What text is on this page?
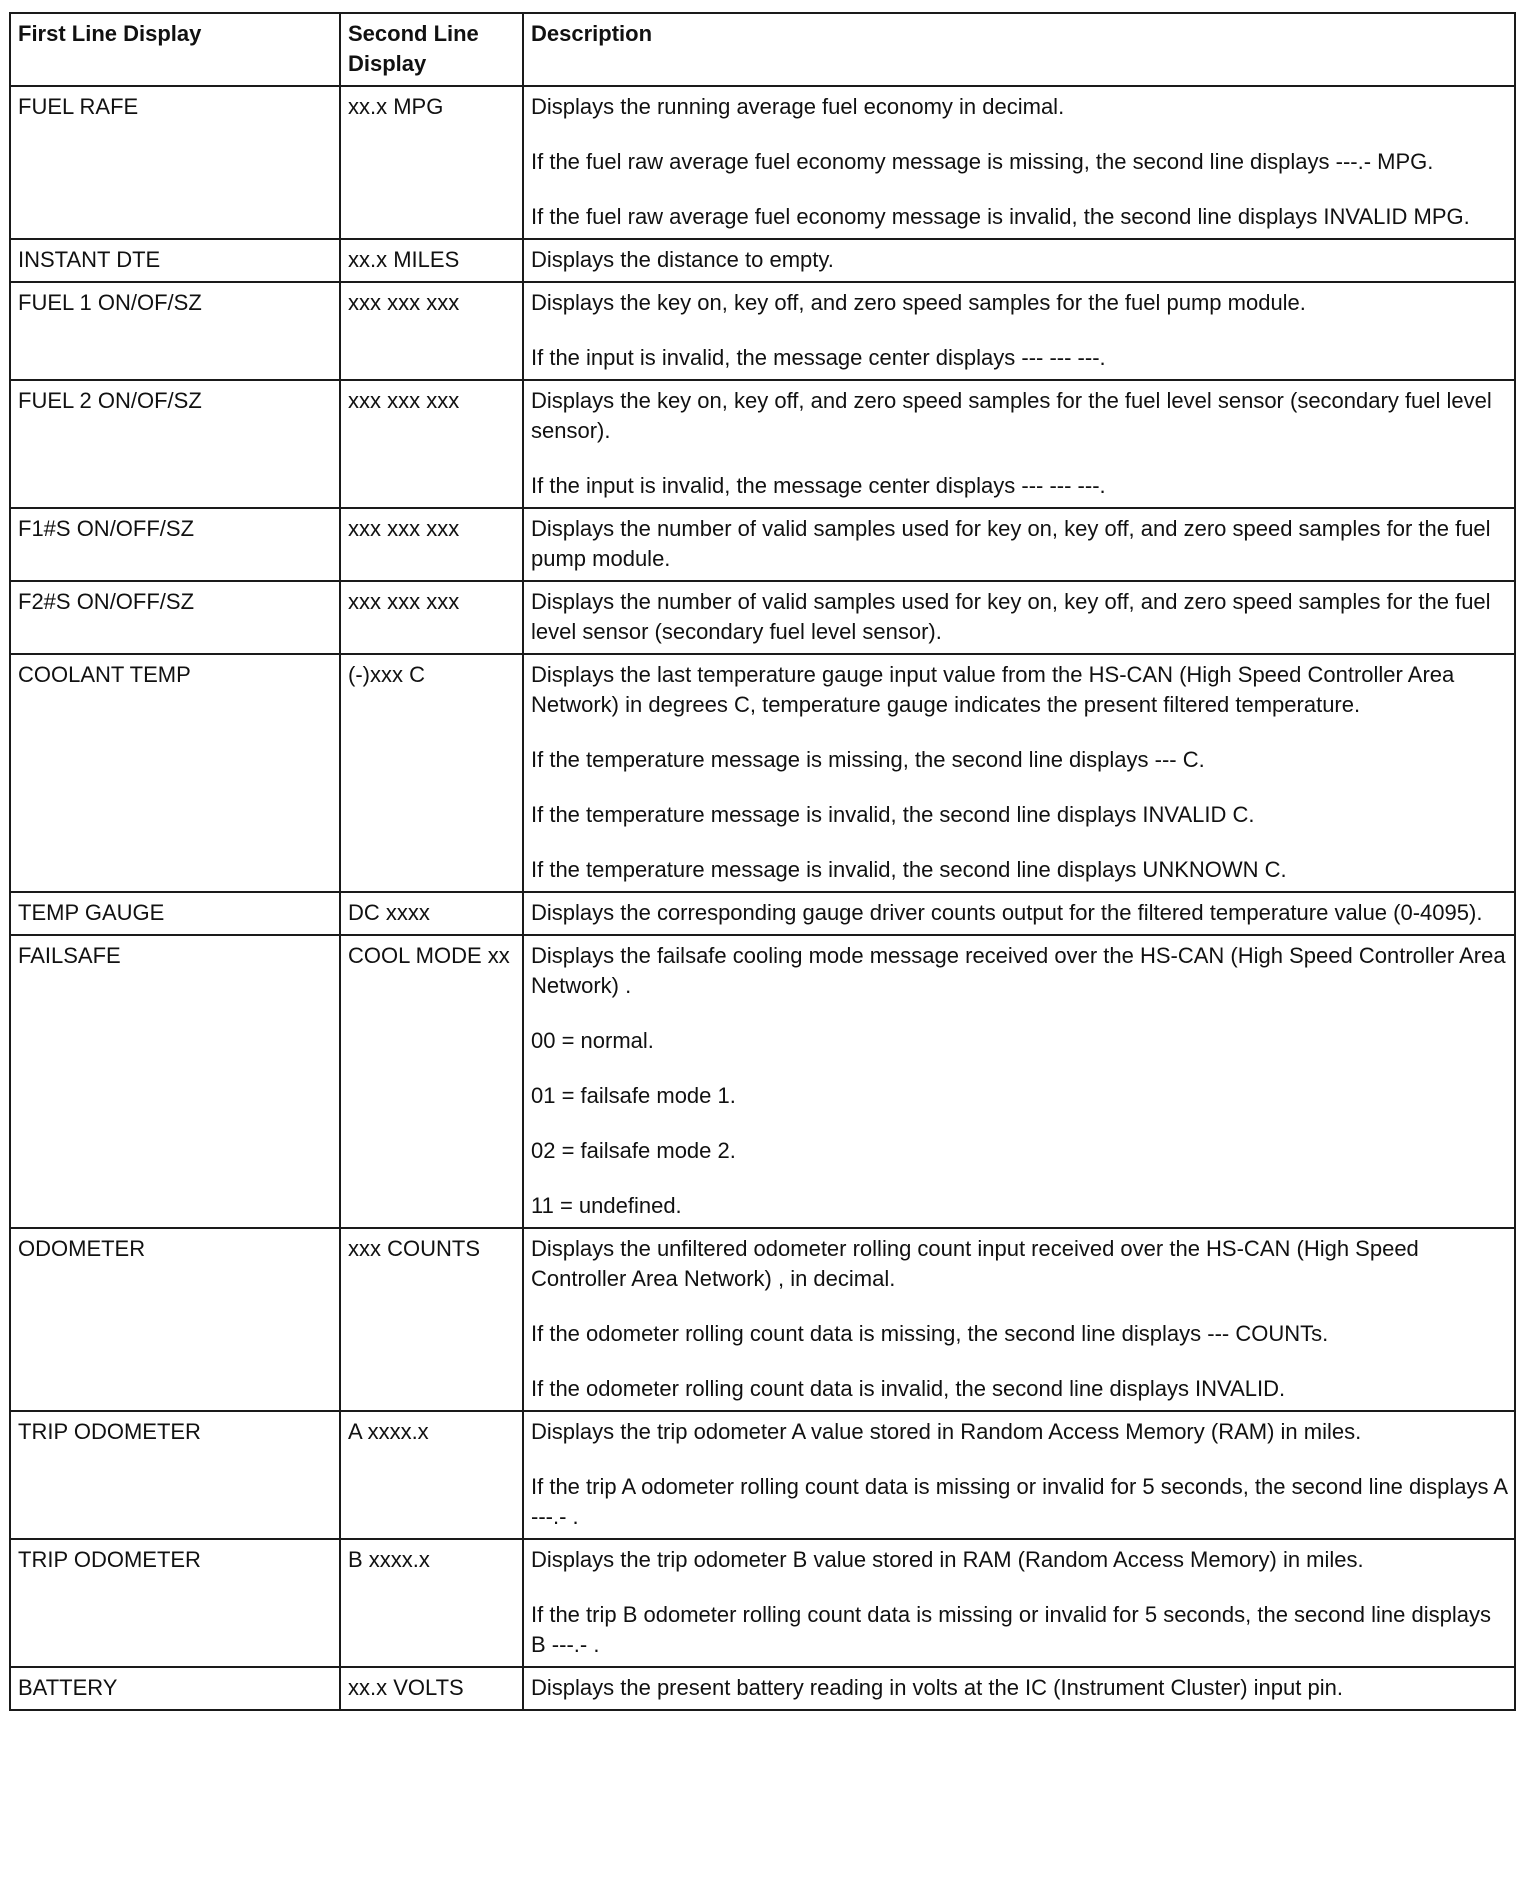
First Line Display	Second Line Display	Description
FUEL RAFE	xx.x MPG	Displays the running average fuel economy in decimal.

If the fuel raw average fuel economy message is missing, the second line displays ---.- MPG.

If the fuel raw average fuel economy message is invalid, the second line displays INVALID MPG.

INSTANT DTE	xx.x MILES	Displays the distance to empty.

FUEL 1 ON/OF/SZ	xxx xxx xxx	Displays the key on, key off, and zero speed samples for the fuel pump module.

If the input is invalid, the message center displays --- --- ---.

FUEL 2 ON/OF/SZ	xxx xxx xxx	Displays the key on, key off, and zero speed samples for the fuel level sensor (secondary fuel level sensor).

If the input is invalid, the message center displays --- --- ---.

F1#S ON/OFF/SZ	xxx xxx xxx	Displays the number of valid samples used for key on, key off, and zero speed samples for the fuel pump module.

F2#S ON/OFF/SZ	xxx xxx xxx	Displays the number of valid samples used for key on, key off, and zero speed samples for the fuel level sensor (secondary fuel level sensor).

COOLANT TEMP	(-)xxx C	Displays the last temperature gauge input value from the HS-CAN (High Speed Controller Area Network) in degrees C, temperature gauge indicates the present filtered temperature.

If the temperature message is missing, the second line displays --- C.

If the temperature message is invalid, the second line displays INVALID C.

If the temperature message is invalid, the second line displays UNKNOWN C.

TEMP GAUGE	DC xxxx	Displays the corresponding gauge driver counts output for the filtered temperature value (0-4095).

FAILSAFE	COOL MODE xx	Displays the failsafe cooling mode message received over the HS-CAN (High Speed Controller Area Network) .

00 = normal.

01 = failsafe mode 1.

02 = failsafe mode 2.

11 = undefined.

ODOMETER	xxx COUNTS	Displays the unfiltered odometer rolling count input received over the HS-CAN (High Speed Controller Area Network) , in decimal.

If the odometer rolling count data is missing, the second line displays --- COUNTs.

If the odometer rolling count data is invalid, the second line displays INVALID.

TRIP ODOMETER	A xxxx.x	Displays the trip odometer A value stored in Random Access Memory (RAM) in miles.

If the trip A odometer rolling count data is missing or invalid for 5 seconds, the second line displays A ---.- .

TRIP ODOMETER	B xxxx.x	Displays the trip odometer B value stored in RAM (Random Access Memory) in miles.

If the trip B odometer rolling count data is missing or invalid for 5 seconds, the second line displays B ---.- .

BATTERY	xx.x VOLTS	Displays the present battery reading in volts at the IC (Instrument Cluster) input pin.
